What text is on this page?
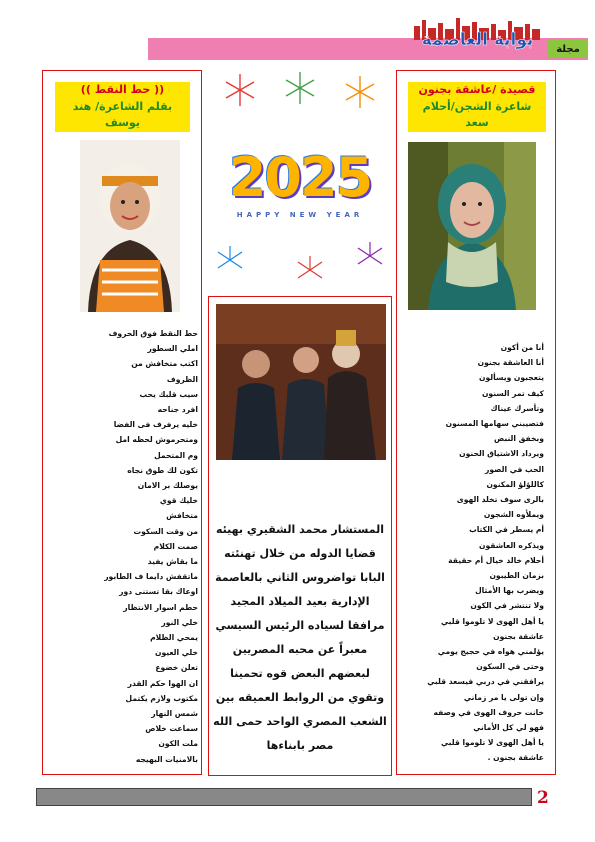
مجلة
بوابة العاصمة
قصيدة /عاشقة بجنون
شاعرة الشجن/أحلام سعد
أنا من أكون
أنا العاشقة بجنون
يتعجبون ويسألون
كيف تمر السنون
وتأسرك عيناك
فتصيبني سهامها المسنون
وبخفق النبض
ويرداد الاشتياق الحنون
الحب في الصور
كاللؤلؤ المكنون
بالرى سوف تخلد الهوى
ويملأوه الشجون
أم يسطر في الكتاب
ويذكره العاشقون
أحلام خالد خيال أم حقيقة
بزمان الطيبون
ويضرب بها الأمثال
ولا تنتشر في الكون
يا أهل الهوى لا تلوموا قلبي
عاشقة بجنون
يؤلمني هواه في حجيج يومي
وحتى في السكون
يرافقني في دربي فيسعد قلبي
وإن تولى يا مر زماني
خانت حروف الهوى في وصفه
فهو لي كل الأماني
يا أهل الهوى لا تلوموا قلبي
عاشقة بجنون .
(( حط النقط ))
بقلم الشاعرة/ هند يوسف
حط النقط فوق الحروف
املي السطور
اكتب متخافش من
الظروف
سيب قلبك يحب
افرد جناحه
خليه يرفرف فى الفضا
ومتحرموش لحظه امل
وم المتحمل
تكون لك طوق نجاه
يوصلك بر الامان
خليك قوي
متخافش
من وقت السكوت
صمت الكلام
ما بقاش يفيد
ماتقفش دايما ف الطابور
اوعاك بقا تستنى دور
حطم اسوار الانتظار
خلي النور
يمحي الظلام
خلي العيون
تعلن خضوع
ان الهوا حكم القدر
مكتوب ولازم يكتمل
شمس النهار
سماعت خلاص
ملت الكون
بالامنيات البهيجه
2025
HAPPY NEW YEAR
المستشار محمد الشقيري بهيئه قضايا الدوله من خلال تهنئته البابا تواضروس الثاني بالعاصمة الإدارية بعيد الميلاد المجيد مرافقا لسياده الرئيس السيسي معبراً عن محبه المصريين لبعضهم البعض قوه تحمينا وتقوي من الروابط العميقه بين الشعب المصري الواحد حمى الله مصر بابناءها
2
